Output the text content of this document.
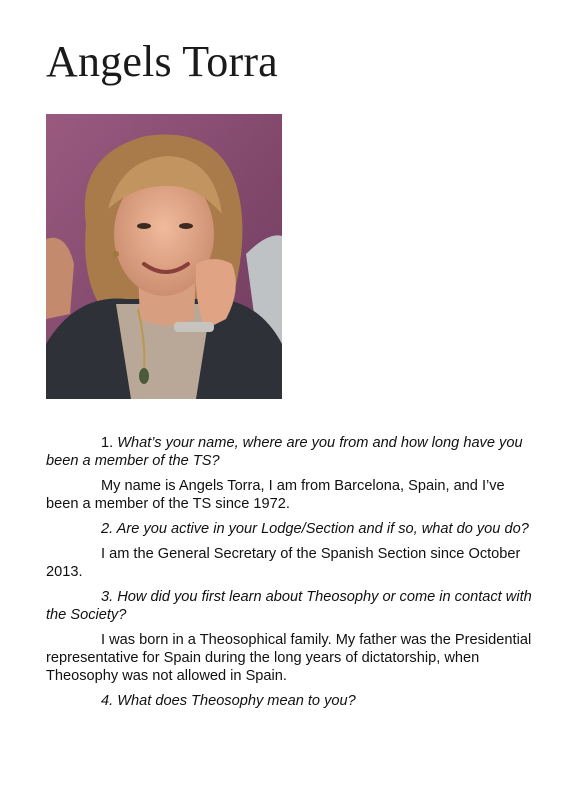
Angels Torra

1. What’s your name, where are you from and how long have you been a member of the TS?

My name is Angels Torra, I am from Barcelona, Spain, and I’ve been a member of the TS since 1972.

2. Are you active in your Lodge/Section and if so, what do you do?

I am the General Secretary of the Spanish Section since October 2013.

3. How did you first learn about Theosophy or come in contact with the Society?

I was born in a Theosophical family. My father was the Presidential representative for Spain during the long years of dictatorship, when Theosophy was not allowed in Spain.

4. What does Theosophy mean to you?
